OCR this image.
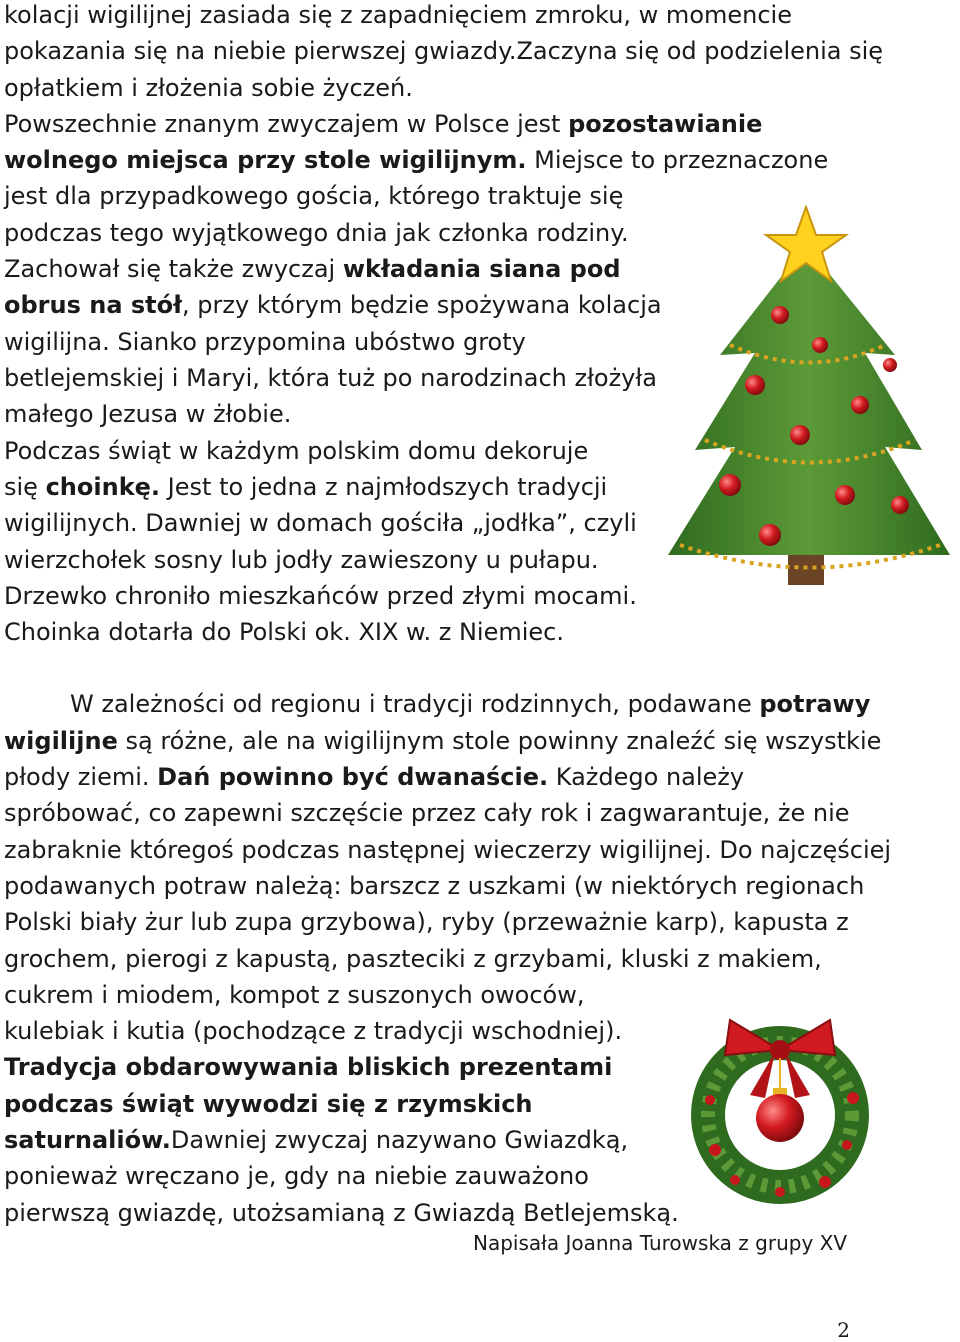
kolacji wigilijnej zasiada się z zapadnięciem zmroku, w momencie
pokazania się na niebie pierwszej gwiazdy.Zaczyna się od podzielenia się
opłatkiem i złożenia sobie życzeń.
Powszechnie znanym zwyczajem w Polsce jest pozostawianie
wolnego miejsca przy stole wigilijnym. Miejsce to przeznaczone
jest dla przypadkowego gościa, którego traktuje się
podczas tego wyjątkowego dnia jak członka rodziny.
Zachował się także zwyczaj wkładania siana pod
obrus na stół, przy którym będzie spożywana kolacja
wigilijna. Sianko przypomina ubóstwo groty
betlejemskiej i Maryi, która tuż po narodzinach złożyła
małego Jezusa w żłobie.
Podczas świąt w każdym polskim domu dekoruje
się choinkę. Jest to jedna z najmłodszych tradycji
wigilijnych. Dawniej w domach gościła „jodłka”, czyli
wierzchołek sosny lub jodły zawieszony u pułapu.
Drzewko chroniło mieszkańców przed złymi mocami.
Choinka dotarła do Polski ok. XIX w. z Niemiec.
W zależności od regionu i tradycji rodzinnych, podawane potrawy
wigilijne są różne, ale na wigilijnym stole powinny znaleźć się wszystkie
płody ziemi. Dań powinno być dwanaście. Każdego należy
spróbować, co zapewni szczęście przez cały rok i zagwarantuje, że nie
zabraknie któregoś podczas następnej wieczerzy wigilijnej. Do najczęściej
podawanych potraw należą: barszcz z uszkami (w niektórych regionach
Polski biały żur lub zupa grzybowa), ryby (przeważnie karp), kapusta z
grochem, pierogi z kapustą, paszteciki z grzybami, kluski z makiem,
cukrem i miodem, kompot z suszonych owoców,
kulebiak i kutia (pochodzące z tradycji wschodniej).
Tradycja obdarowywania bliskich prezentami
podczas świąt wywodzi się z rzymskich
saturnaliów.Dawniej zwyczaj nazywano Gwiazdką,
ponieważ wręczano je, gdy na niebie zauważono
pierwszą gwiazdę, utożsamianą z Gwiazdą Betlejemską.
Napisała Joanna Turowska z grupy XV
2
